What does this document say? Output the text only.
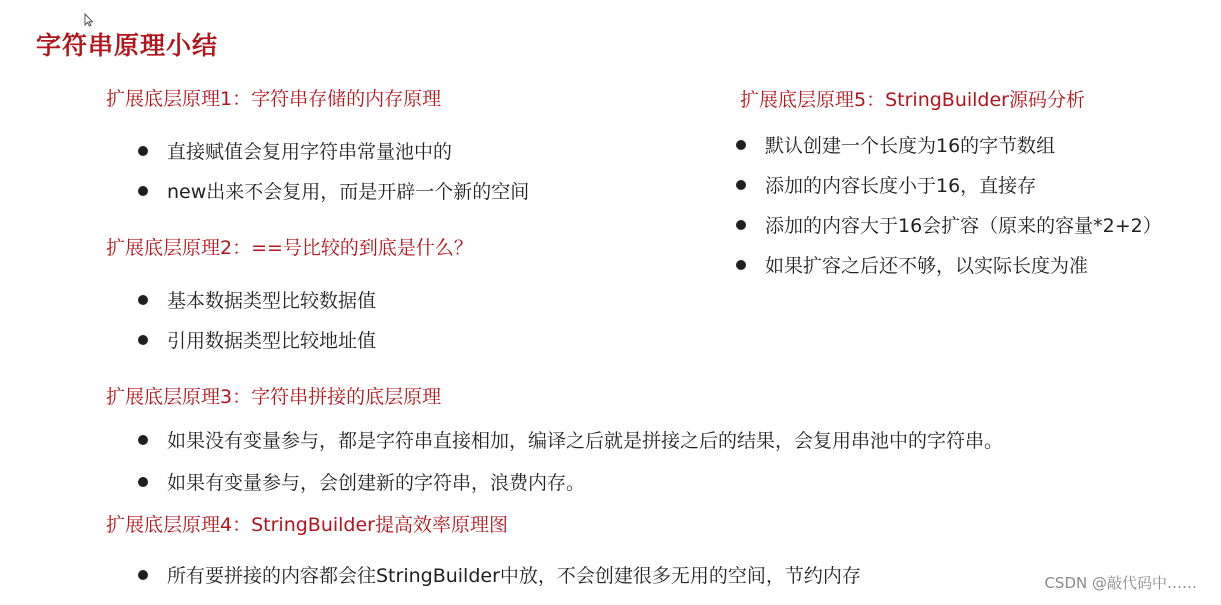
字符串原理小结
扩展底层原理1：字符串存储的内存原理
直接赋值会复用字符串常量池中的
new出来不会复用，而是开辟一个新的空间
扩展底层原理2：==号比较的到底是什么？
基本数据类型比较数据值
引用数据类型比较地址值
扩展底层原理3：字符串拼接的底层原理
如果没有变量参与，都是字符串直接相加，编译之后就是拼接之后的结果，会复用串池中的字符串。
如果有变量参与，会创建新的字符串，浪费内存。
扩展底层原理4：StringBuilder提高效率原理图
所有要拼接的内容都会往StringBuilder中放，不会创建很多无用的空间，节约内存
扩展底层原理5：StringBuilder源码分析
默认创建一个长度为16的字节数组
添加的内容长度小于16，直接存
添加的内容大于16会扩容（原来的容量*2+2）
如果扩容之后还不够，以实际长度为准
CSDN @敲代码中……
